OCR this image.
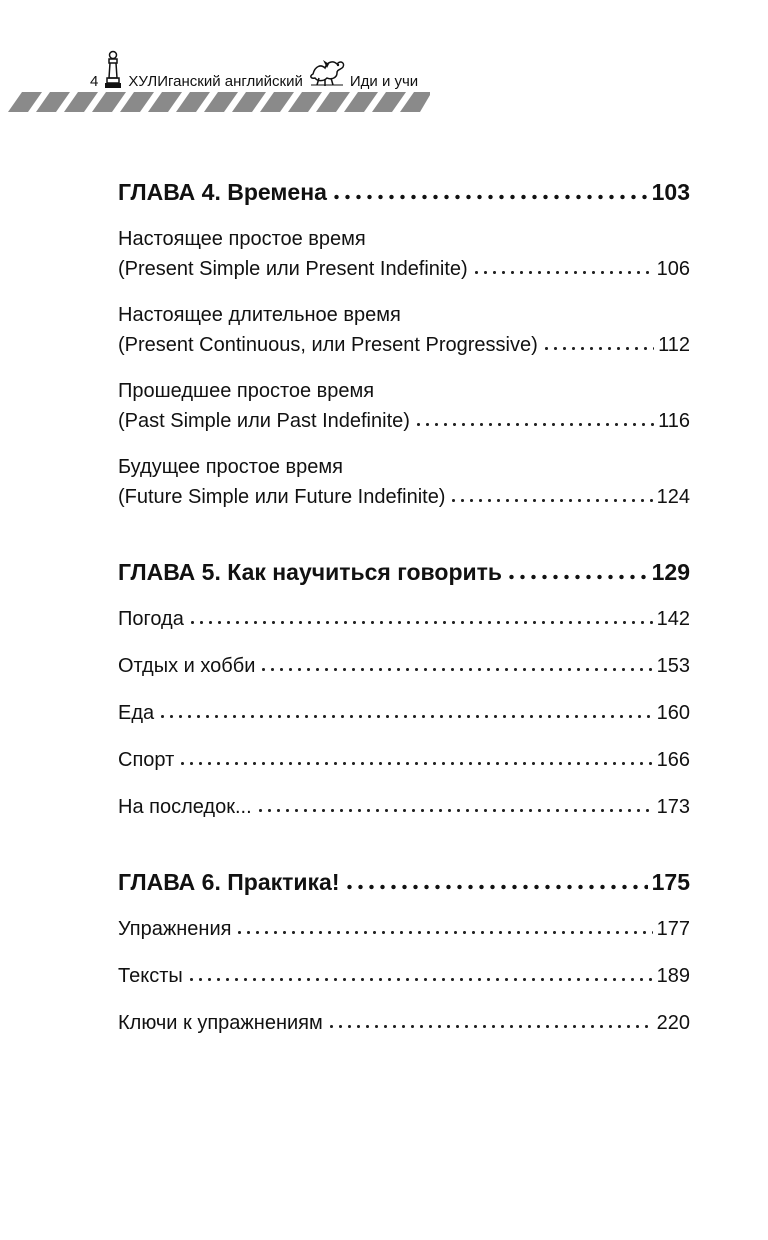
4 ХУЛИганский английский	Иди и учи
ГЛАВА 4. Времена	103
Настоящее простое время
(Present Simple или Present Indefinite)	106
Настоящее длительное время
(Present Continuous, или Present Progressive)	112
Прошедшее простое время
(Past Simple или Past Indefinite)	116
Будущее простое время
(Future Simple или Future Indefinite)	124
ГЛАВА 5. Как научиться говорить	129
Погода	142
Отдых и хобби	153
Еда	160
Спорт	166
На последок...	173
ГЛАВА 6. Практика!	175
Упражнения	177
Тексты	189
Ключи к упражнениям	220
